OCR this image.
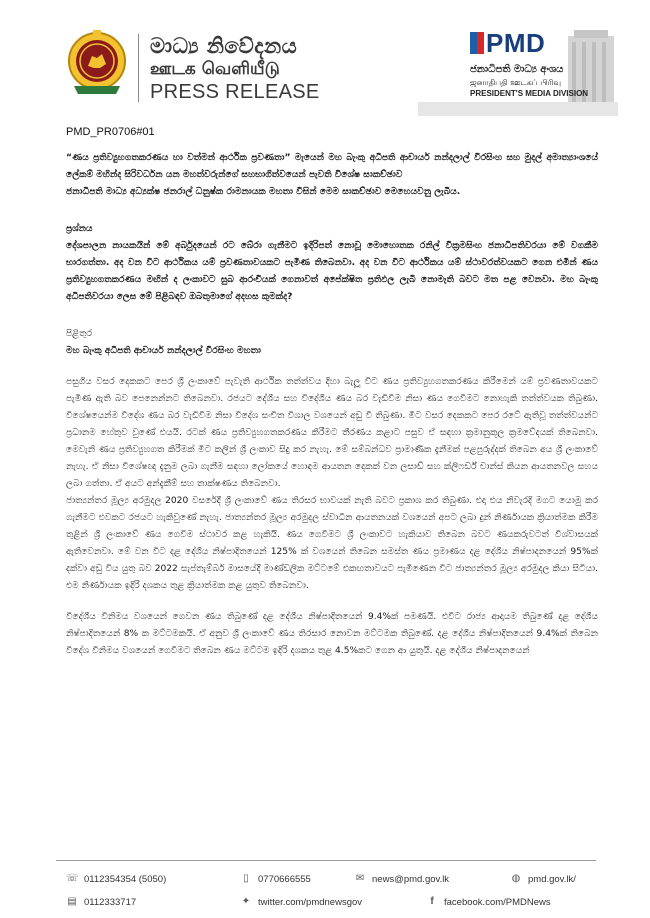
මාධ්‍ය නිවේදනය
ஊடக வெளியீடு
PRESS RELEASE
PMD
ජනාධිපති මාධ්‍ය අංශය
ஜனாதிபதி ஊடகப் பிரிவு
PRESIDENT'S MEDIA DIVISION
PMD_PR0706#01
“ණය ප්‍රතිව්‍යුහගතකරණය හා වත්මන් ආර්ථික ප්‍රවණතා” මැයෙන් මහ බැංකු අධිපති ආචාර්ය නන්දලාල් වීරසිංහ සහ මුදල් අමාත්‍යාංශයේ ලේකම් මහින්ද සිරිවර්ධන යන මහත්වරුන්ගේ සහභාගිත්වයෙන් පැවති විශේෂ සාකච්ඡාව
ජනාධිපති මාධ්‍ය අධ්‍යක්ෂ ජනරාල් ධනුෂ්ක රාමනායක මහතා විසින් මෙම සාකච්ඡාව මෙහෙයවනු ලැබිය.
ප්‍රශ්නය
දේශපාලන නායකයින් මේ අර්බුදයෙන් රට බේරා ගැනීමට ඉදිරිපත් නොවූ මොහොතක රනිල් වික්‍රමසිංහ ජනාධිපතිවරයා මේ වගකීම භාරගත්තා. අද වන විට ආර්ථිකය යම් ප්‍රවණතාවයකට පැමිණ තිබෙනවා. අද වන විට ආර්ථිකය යම් ස්ථාවරත්වයකට ගෙන එමින් ණය ප්‍රතිව්‍යුහගතකරණය මඟින් ද ලංකාවට සුබ ආරංචියක් ගෙනාවත් අපේක්ෂිත ප්‍රතිඵල ලැබී නොමැති බවට මත පළ වෙනවා. මහ බැංකු අධිපතිවරයා ලෙස මේ පිළිබඳව ඔබතුමාගේ අදහස කුමක්ද?
පිළිතුර
මහ බැංකු අධිපති ආචාර්ය නන්දලාල් වීරසිංහ මහතා
පසුගිය වසර දෙකකට පෙර ශ්‍රී ලංකාවේ පැවැති ආර්ථික තත්ත්වය දිහා බැලූ විට ණය ප්‍රතිව්‍යුහගතකරණය කිරීමෙන් යම් ප්‍රවණතාවයකට පැමිණ ඇති බව පෙනෙන්නට තිබෙනවා. රජයට දේශීය සහ විදේශීය ණය බර වැඩිවීම නිසා ණය ගෙවීමට නොහැකි තත්ත්වයක තිබුණා. විශේෂයෙන්ම විදේශ ණය බර වැඩිවීම නිසා විදේශ සංචිත විශාල වශයෙන් අඩු වී තිබුණා. මීට වසර දෙකකට පෙර රටේ ඇතිවූ තත්ත්වයන්ට ප්‍රධානම හේතුව වුණේ එයයි. රටක් ණය ප්‍රතිව්‍යුහගතකරණය කිරීමට තීරණය කළාට පසුව ඒ සඳහා ක්‍රමානුකූල ක්‍රමවේදයක් තිබෙනවා. මෙවැනි ණය ප්‍රතිව්‍යුහගත කිරීමක් මීට කලින් ශ්‍රී ලංකාව සිදු කර නැහැ. මේ සම්බන්ධව ප්‍රාමාණික දැනීමක් පළපුරුද්දක් තිබෙන අය ශ්‍රී ලංකාවේ නැහැ. ඒ නිසා විශේෂඥ දැනුම ලබා ගැනීම සඳහා ලෝකයේ හොඳම ආයතන දෙකක් වන ලසාඩ් සහ ක්ලිෆර්ඩ් චාන්ස් කියන ආයතනවල සහය ලබා ගත්තා. ඒ අයට අන්දැකීම් සහ තාක්ෂණය තිබෙනවා.
ජාත්‍යන්තර මූල්‍ය අරමුදල 2020 වසරේදී ශ්‍රී ලංකාවේ ණය තිරසර භාවයක් නැති බවට ප්‍රකාශ කර තිබුණා. එදා එය නිවැරදි මගට යොමු කර ගැනීමට එවකට රජයට හැකිවුණේ නැහැ. ජාත්‍යන්තර මූල්‍ය අරමුදල ස්වාධීන ආයතනයක් වශයෙන් අපට ලබා දුන් නිර්ණායක ක්‍රියාත්මක කිරීම තුළින් ශ්‍රී ලංකාවේ ණය ගෙවීම ස්ථාවර කළ හැකියි. ණය ගෙවීමට ශ්‍රී ලංකාවට හැකියාව තිබෙන බවට ණයකරුවටත් විශ්වාසයක් ඇතිවෙනවා. මේ වන විට දළ දේශීය නිෂ්පාදිතයෙන් 125% ක් වශයෙන් තිබෙන සමස්ත ණය ප්‍රමාණය දළ දේශීය නිෂ්පාදනයෙන් 95%ක් දක්වා අඩු විය යුතු බව 2022 සැප්තැම්බර් මාසයේදී මාණ්ඩලික මට්ටමේ එකඟතාවයට පැමිණෙන විට ජාත්‍යන්තර මූල්‍ය අරමුදල කියා සිටියා. එම නිර්ණායක ඉදිරි දශකය තුළ ක්‍රියාත්මක කළ යුතුව තිබෙනවා.
විදේශීය විනිමය වශයෙන් ගෙවන ණය තිබුණේ දළ දේශීය නිෂ්පාදිතයෙන් 9.4%ක් පමණයි. එවිට රාජ්‍ය ආදායම තිබුණේ දළ දේශීය නිෂ්පාදිතයෙන් 8% ක මට්ටමකයි. ඒ අනුව ශ්‍රී ලංකාවේ ණය තිරසාර නොවන මට්ටමක තිබුණේ. දළ දේශීය නිෂ්පාදිතයෙන් 9.4%ක් තිබෙන විදේශ විනිමය වශයෙන් ගෙවීමට තිබෙන ණය මට්ටම ඉදිරි දශකය තුළ 4.5%කට ගෙන ආ යුතුයි. දළ දේශීය නිෂ්පාදනයෙන්
☏ 0112354354 (5050)	▯ 0770666555	✉ news@pmd.gov.lk	◍ pmd.gov.lk/
▤ 0112333717	✦ twitter.com/pmdnewsgov	f	facebook.com/PMDNews
